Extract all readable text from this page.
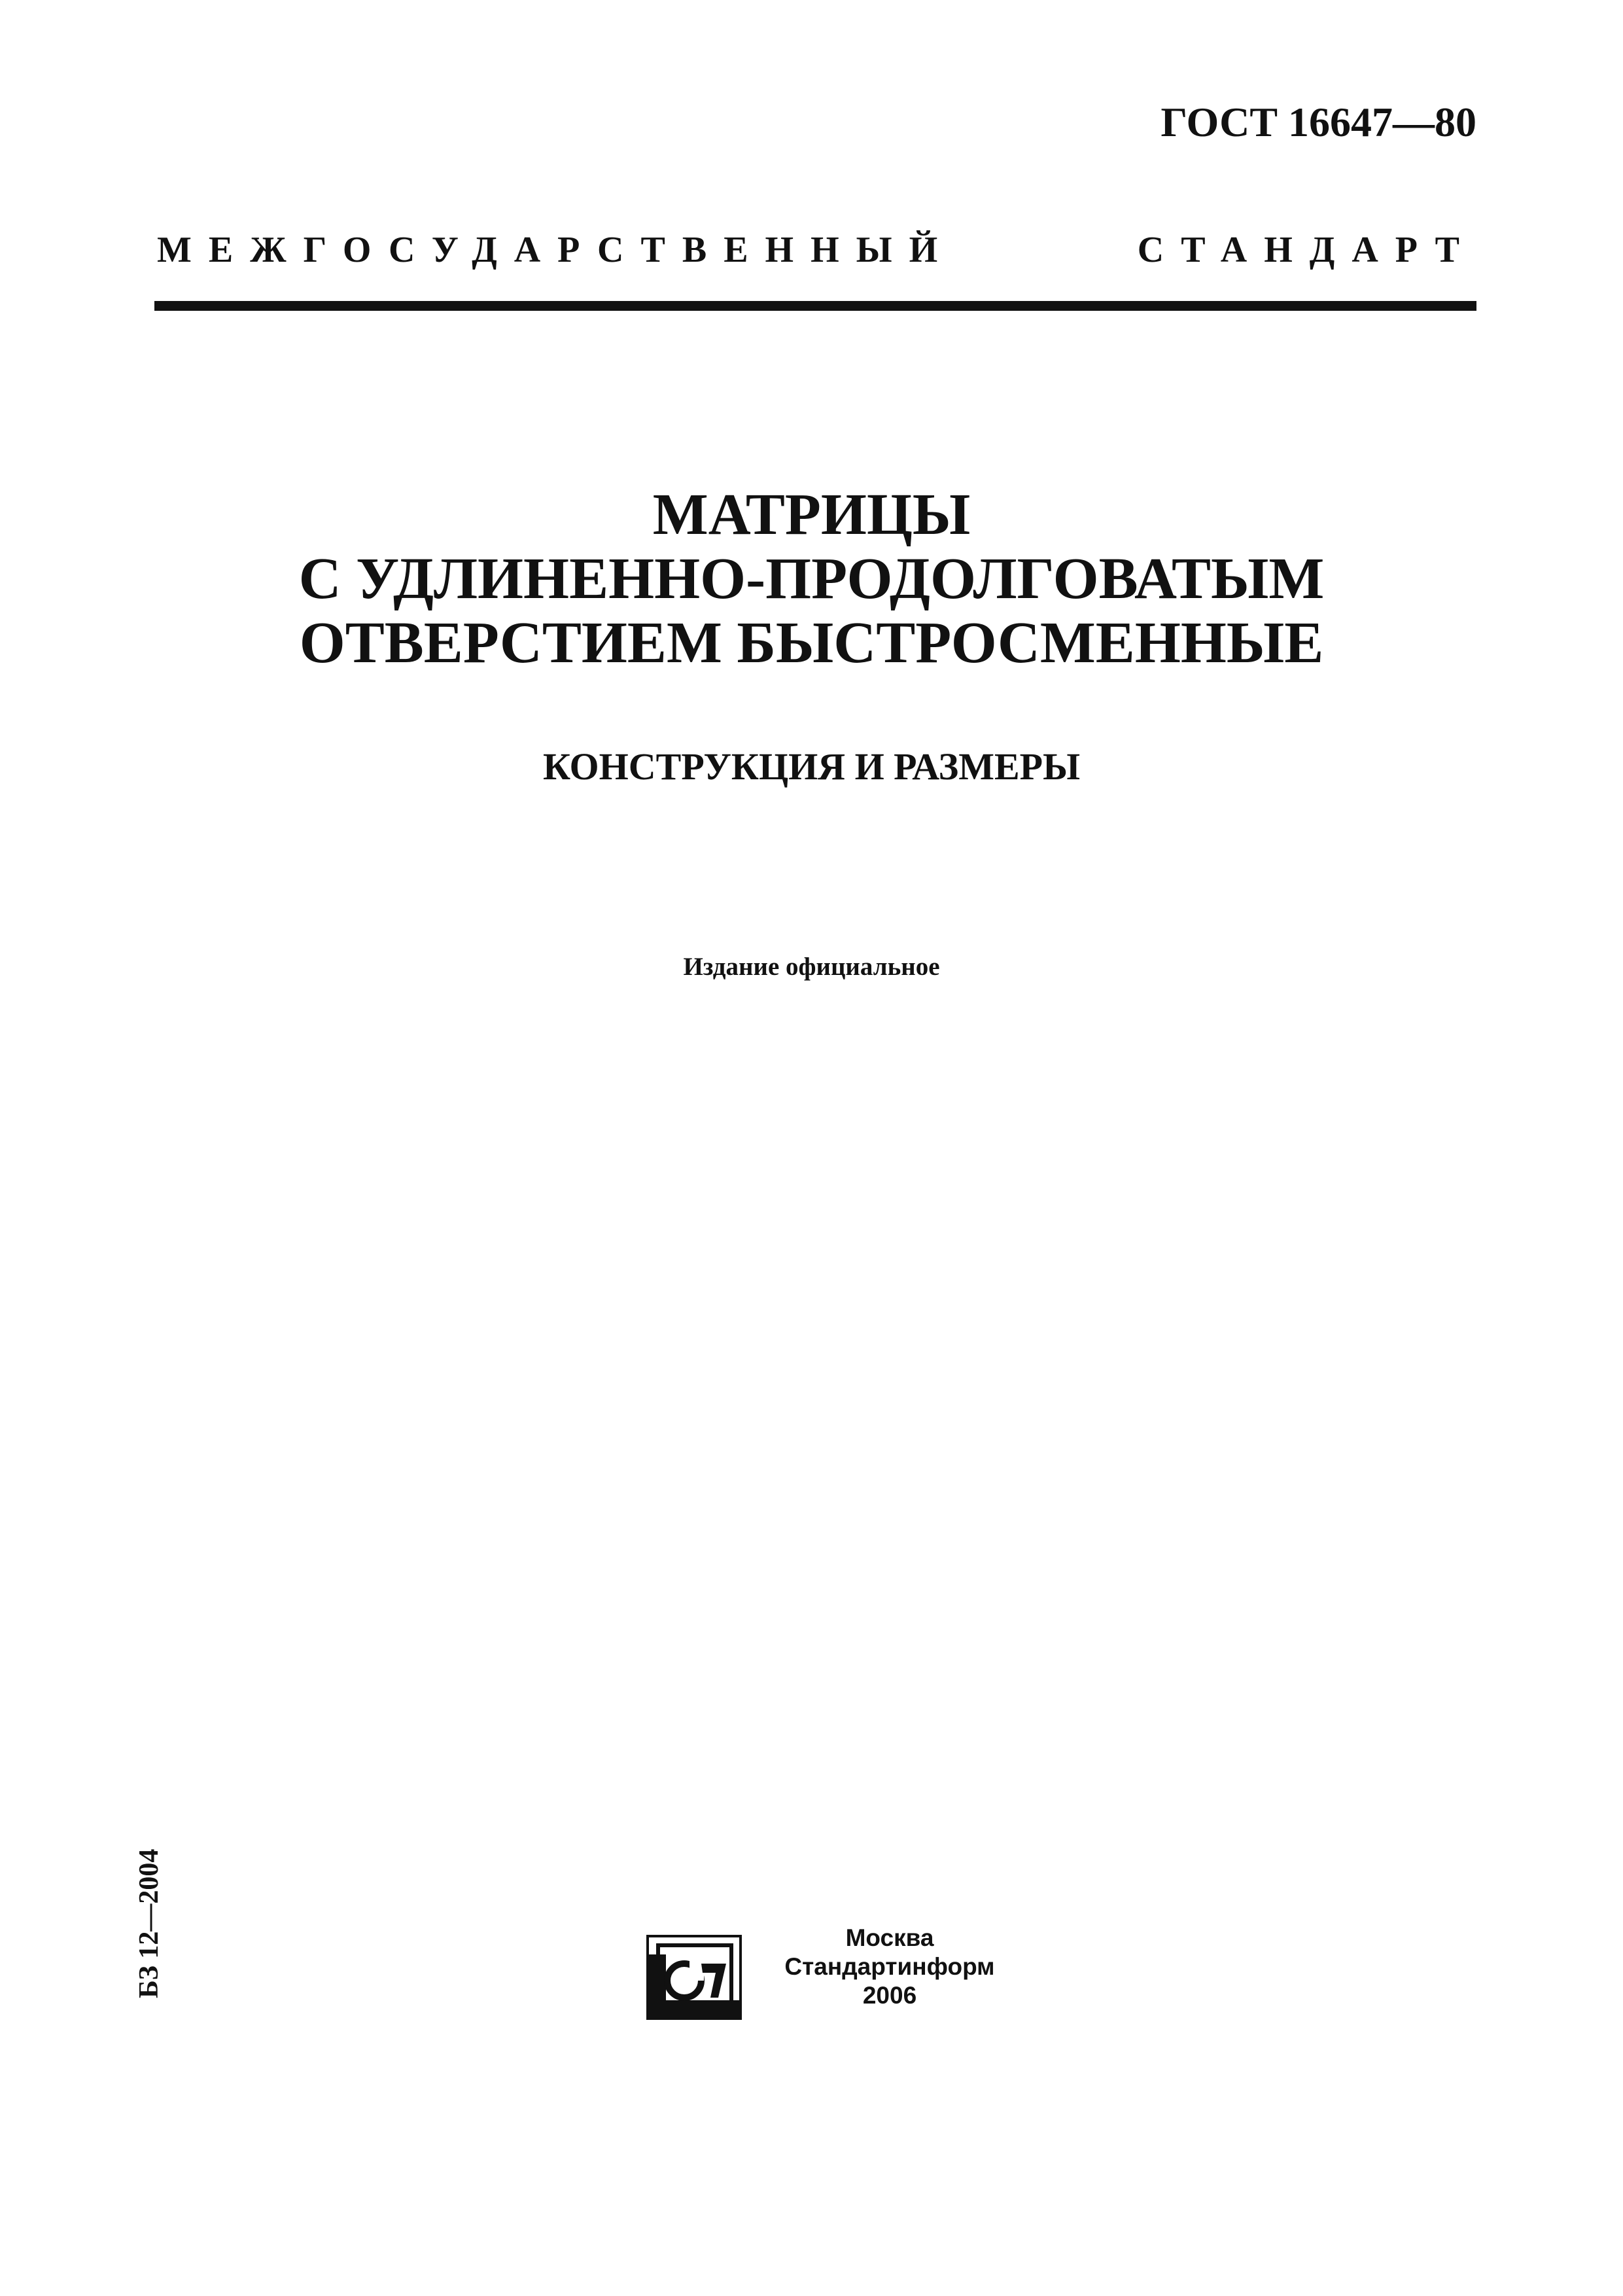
ГОСТ 16647—80
МЕЖГОСУДАРСТВЕННЫЙ	СТАНДАРТ
МАТРИЦЫ
С УДЛИНЕННО-ПРОДОЛГОВАТЫМ
ОТВЕРСТИЕМ БЫСТРОСМЕННЫЕ
КОНСТРУКЦИЯ И РАЗМЕРЫ
Издание официальное
БЗ 12—2004	Москва
Стандартинформ
2006
